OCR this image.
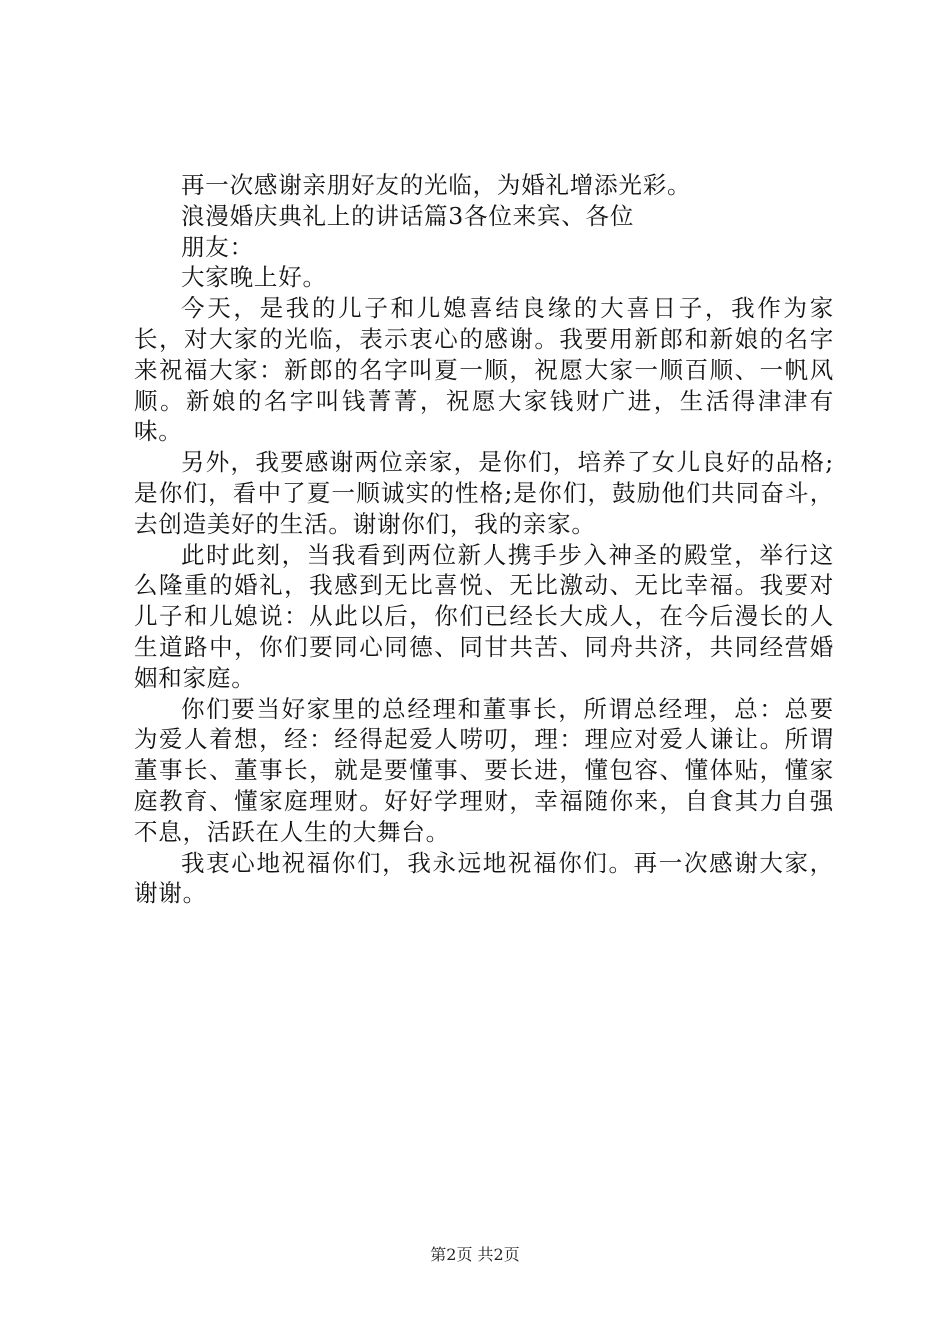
再一次感谢亲朋好友的光临，为婚礼增添光彩。

浪漫婚庆典礼上的讲话篇3各位来宾、各位

朋友：

大家晚上好。

今天，是我的儿子和儿媳喜结良缘的大喜日子，我作为家长，对大家的光临，表示衷心的感谢。我要用新郎和新娘的名字来祝福大家：新郎的名字叫夏一顺，祝愿大家一顺百顺、一帆风顺。新娘的名字叫钱菁菁，祝愿大家钱财广进，生活得津津有味。

另外，我要感谢两位亲家，是你们，培养了女儿良好的品格;是你们，看中了夏一顺诚实的性格;是你们，鼓励他们共同奋斗，去创造美好的生活。谢谢你们，我的亲家。

此时此刻，当我看到两位新人携手步入神圣的殿堂，举行这么隆重的婚礼，我感到无比喜悦、无比激动、无比幸福。我要对儿子和儿媳说：从此以后，你们已经长大成人，在今后漫长的人生道路中，你们要同心同德、同甘共苦、同舟共济，共同经营婚姻和家庭。

你们要当好家里的总经理和董事长，所谓总经理，总：总要为爱人着想，经：经得起爱人唠叨，理：理应对爱人谦让。所谓董事长、董事长，就是要懂事、要长进，懂包容、懂体贴，懂家庭教育、懂家庭理财。好好学理财，幸福随你来，自食其力自强不息，活跃在人生的大舞台。

我衷心地祝福你们，我永远地祝福你们。再一次感谢大家，谢谢。

第2页 共2页
